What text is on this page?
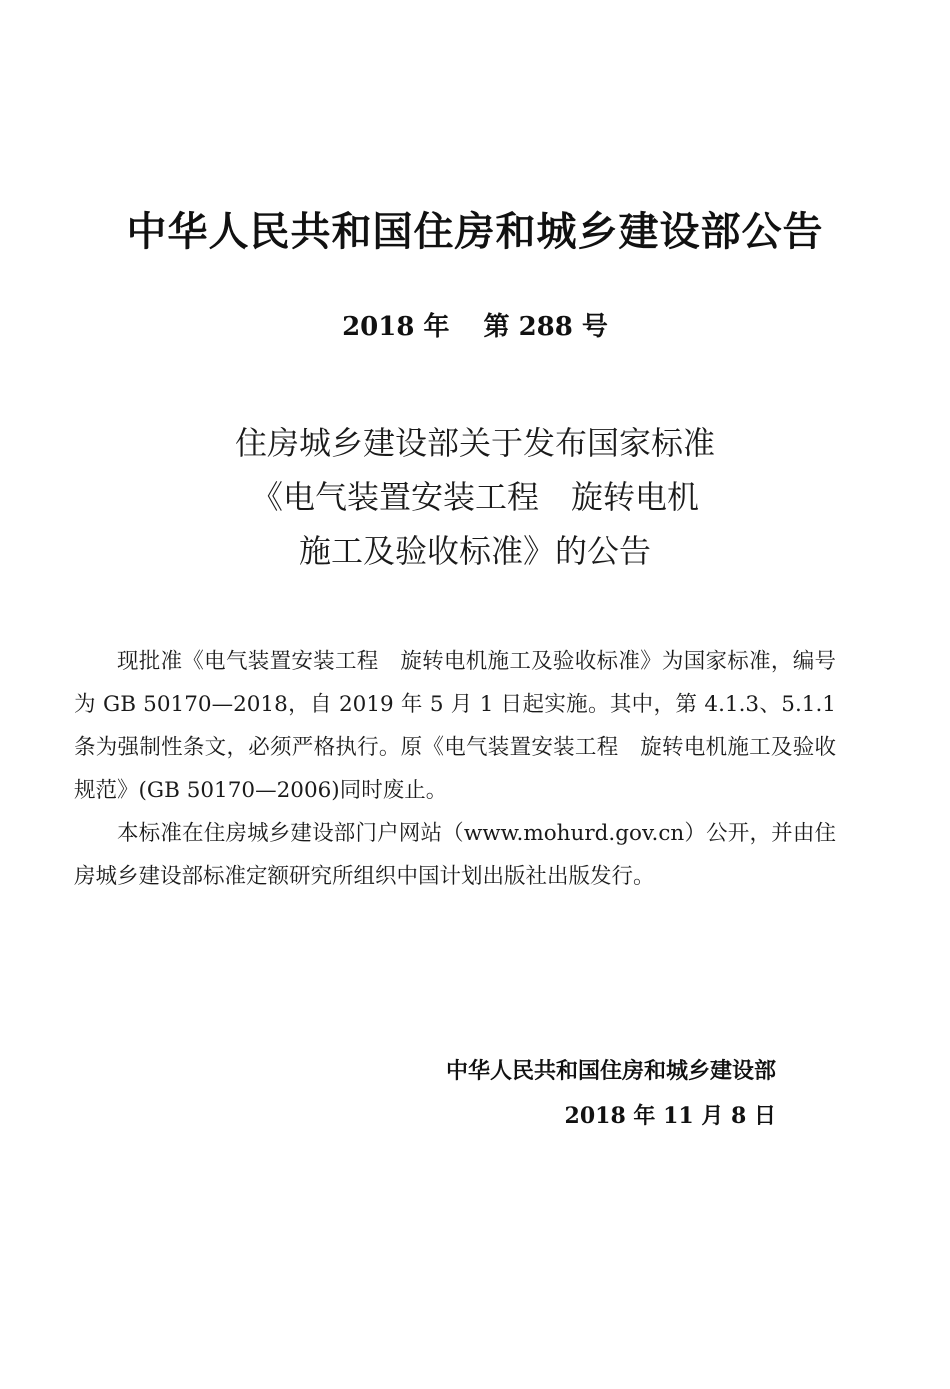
中华人民共和国住房和城乡建设部公告
2018 年 第 288 号
住房城乡建设部关于发布国家标准
《电气装置安装工程　旋转电机
施工及验收标准》的公告

现批准《电气装置安装工程　旋转电机施工及验收标准》为国家标准，编号为 GB 50170—2018，自 2019 年 5 月 1 日起实施。其中，第 4.1.3、5.1.1 条为强制性条文，必须严格执行。原《电气装置安装工程　旋转电机施工及验收规范》(GB 50170—2006)同时废止。

本标准在住房城乡建设部门户网站（www.mohurd.gov.cn）公开，并由住房城乡建设部标准定额研究所组织中国计划出版社出版发行。

中华人民共和国住房和城乡建设部
2018 年 11 月 8 日
